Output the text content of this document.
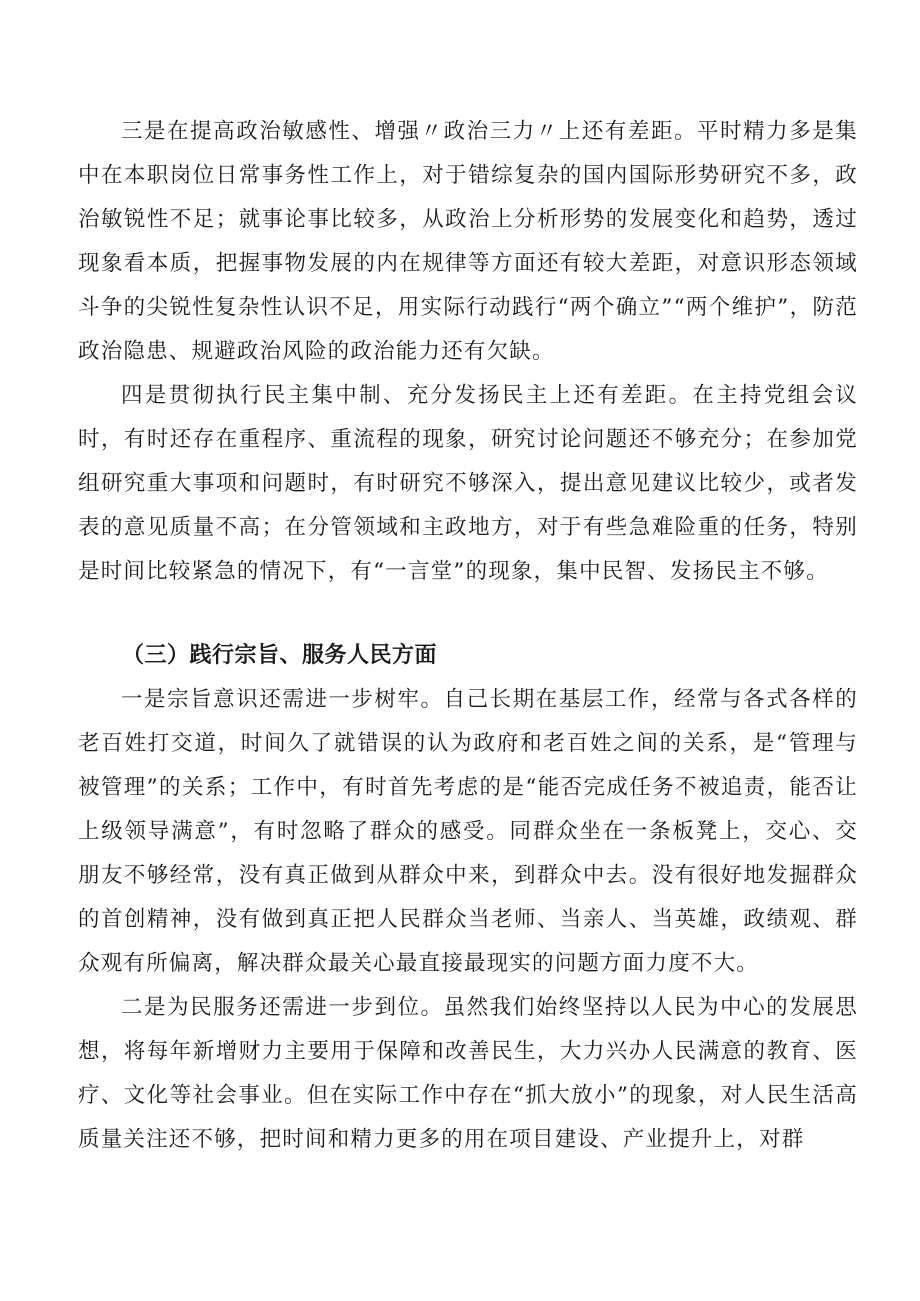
三是在提高政治敏感性、增强〃政治三力〃上还有差距。平时精力多是集中在本职岗位日常事务性工作上，对于错综复杂的国内国际形势研究不多，政治敏锐性不足；就事论事比较多，从政治上分析形势的发展变化和趋势，透过现象看本质，把握事物发展的内在规律等方面还有较大差距，对意识形态领域斗争的尖锐性复杂性认识不足，用实际行动践行“两个确立”“两个维护”，防范政治隐患、规避政治风险的政治能力还有欠缺。

四是贯彻执行民主集中制、充分发扬民主上还有差距。在主持党组会议时，有时还存在重程序、重流程的现象，研究讨论问题还不够充分；在参加党组研究重大事项和问题时，有时研究不够深入，提出意见建议比较少，或者发表的意见质量不高；在分管领域和主政地方，对于有些急难险重的任务，特别是时间比较紧急的情况下，有“一言堂”的现象，集中民智、发扬民主不够。

（三）践行宗旨、服务人民方面

一是宗旨意识还需进一步树牢。自己长期在基层工作，经常与各式各样的老百姓打交道，时间久了就错误的认为政府和老百姓之间的关系，是“管理与被管理”的关系；工作中，有时首先考虑的是“能否完成任务不被追责，能否让上级领导满意”，有时忽略了群众的感受。同群众坐在一条板凳上，交心、交朋友不够经常，没有真正做到从群众中来，到群众中去。没有很好地发掘群众的首创精神，没有做到真正把人民群众当老师、当亲人、当英雄，政绩观、群众观有所偏离，解决群众最关心最直接最现实的问题方面力度不大。

二是为民服务还需进一步到位。虽然我们始终坚持以人民为中心的发展思想，将每年新增财力主要用于保障和改善民生，大力兴办人民满意的教育、医疗、文化等社会事业。但在实际工作中存在“抓大放小”的现象，对人民生活高质量关注还不够，把时间和精力更多的用在项目建设、产业提升上，对群
